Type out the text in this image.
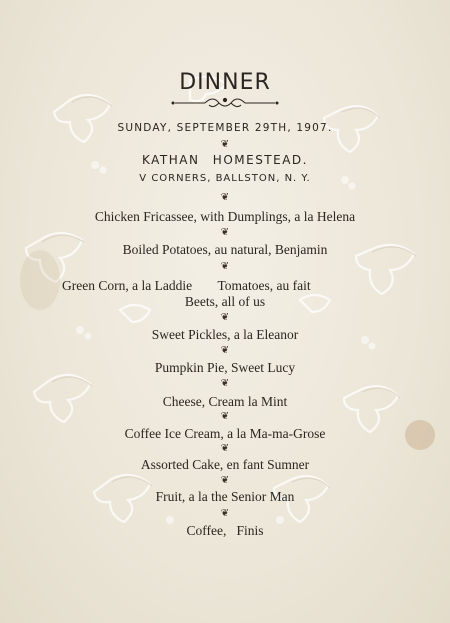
DINNER
SUNDAY, SEPTEMBER 29TH, 1907.
❦
KATHAN HOMESTEAD.
V CORNERS, BALLSTON, N. Y.
❦
Chicken Fricassee, with Dumplings, a la Helena
❦
Boiled Potatoes, au natural, Benjamin
❦
Green Corn, a la Laddie Tomatoes, au fait
Beets, all of us
❦
Sweet Pickles, a la Eleanor
❦
Pumpkin Pie, Sweet Lucy
❦
Cheese, Cream la Mint
❦
Coffee Ice Cream, a la Ma-ma-Grose
❦
Assorted Cake, en fant Sumner
❦
Fruit, a la the Senior Man
❦
Coffee,   Finis
